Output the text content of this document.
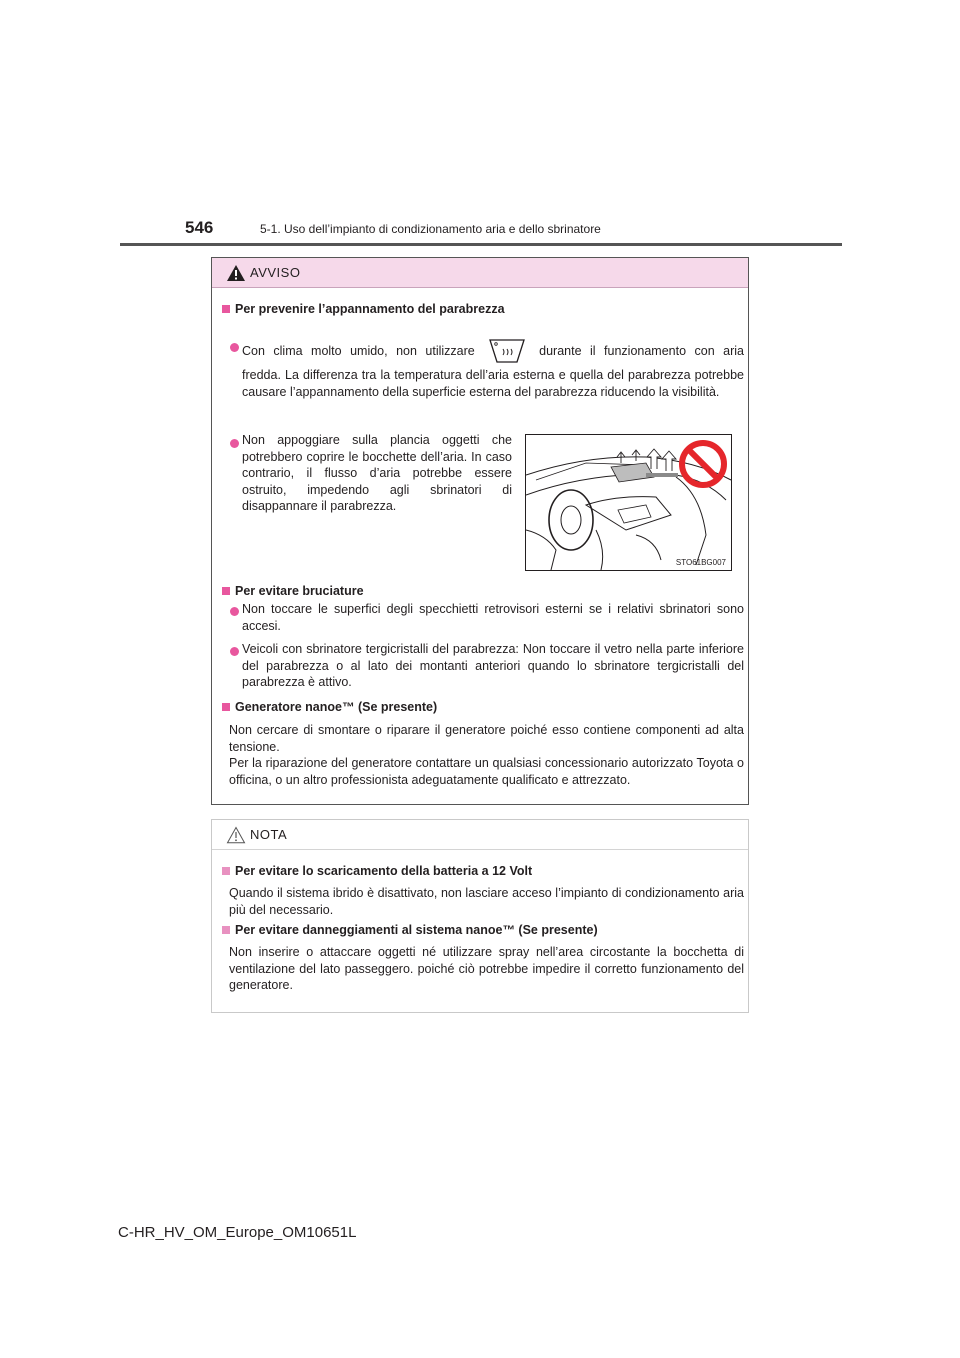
546	5-1. Uso dell’impianto di condizionamento aria e dello sbrinatore
AVVISO
Per prevenire l’appannamento del parabrezza
Con clima molto umido, non utilizzare	durante il funzionamento con aria
fredda. La differenza tra la temperatura dell’aria esterna e quella del parabrezza potrebbe causare l’appannamento della superficie esterna del parabrezza riducendo la visibilità.
Non appoggiare sulla plancia oggetti che potrebbero coprire le bocchette dell’aria. In caso contrario, il flusso d’aria potrebbe essere ostruito, impedendo agli sbrinatori di disappannare il parabrezza.
STO61BG007
Per evitare bruciature
Non toccare le superfici degli specchietti retrovisori esterni se i relativi sbrinatori sono accesi.
Veicoli con sbrinatore tergicristalli del parabrezza: Non toccare il vetro nella parte inferiore del parabrezza o al lato dei montanti anteriori quando lo sbrinatore tergicristalli del parabrezza è attivo.
Generatore nanoe™ (Se presente)
Non cercare di smontare o riparare il generatore poiché esso contiene componenti ad alta tensione.
Per la riparazione del generatore contattare un qualsiasi concessionario autorizzato Toyota o officina, o un altro professionista adeguatamente qualificato e attrezzato.
NOTA
Per evitare lo scaricamento della batteria a 12 Volt
Quando il sistema ibrido è disattivato, non lasciare acceso l’impianto di condizionamento aria più del necessario.
Per evitare danneggiamenti al sistema nanoe™ (Se presente)
Non inserire o attaccare oggetti né utilizzare spray nell’area circostante la bocchetta di ventilazione del lato passeggero. poiché ciò potrebbe impedire il corretto funzionamento del generatore.
C-HR_HV_OM_Europe_OM10651L
